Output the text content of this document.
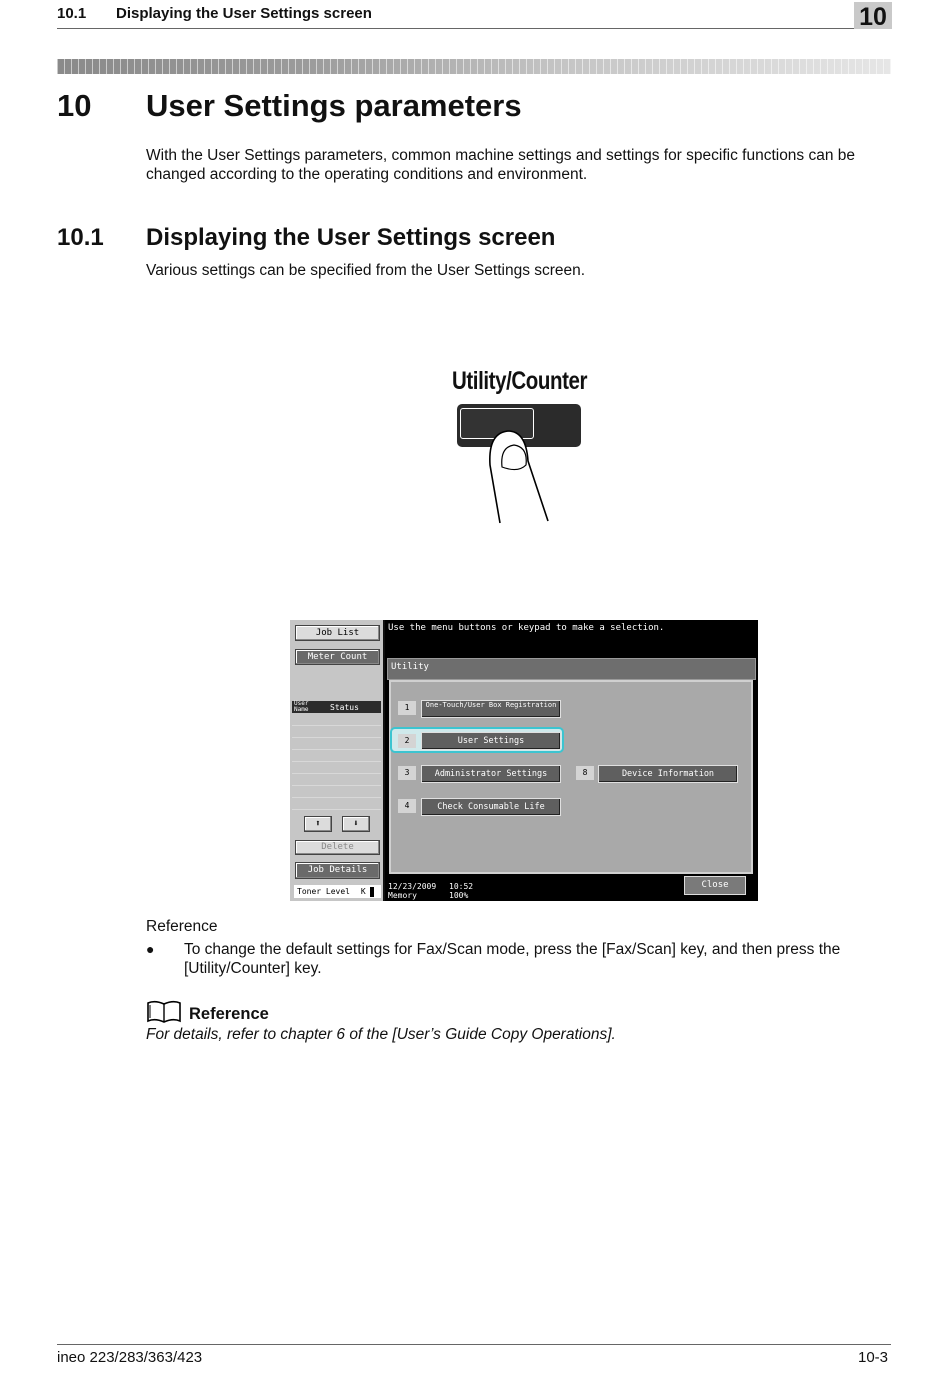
10.1 Displaying the User Settings screen	10
10 User Settings parameters
With the User Settings parameters, common machine settings and settings for specific functions can be changed according to the operating conditions and environment.
10.1 Displaying the User Settings screen
Various settings can be specified from the User Settings screen.
Utility/Counter
Job List
Meter Count
User Name	Status
⬆	⬇
Delete
Job Details
Toner Level K
Use the menu buttons or keypad to make a selection.
Utility
1	One-Touch/User Box Registration
2	User Settings
3	Administrator Settings
4	Check Consumable Life
8	Device Information
12/23/2009 10:52
Memory	100%
Close
Reference
● To change the default settings for Fax/Scan mode, press the [Fax/Scan] key, and then press the [Utility/Counter] key.
Reference
For details, refer to chapter 6 of the [User’s Guide Copy Operations].
ineo 223/283/363/423	10-3
